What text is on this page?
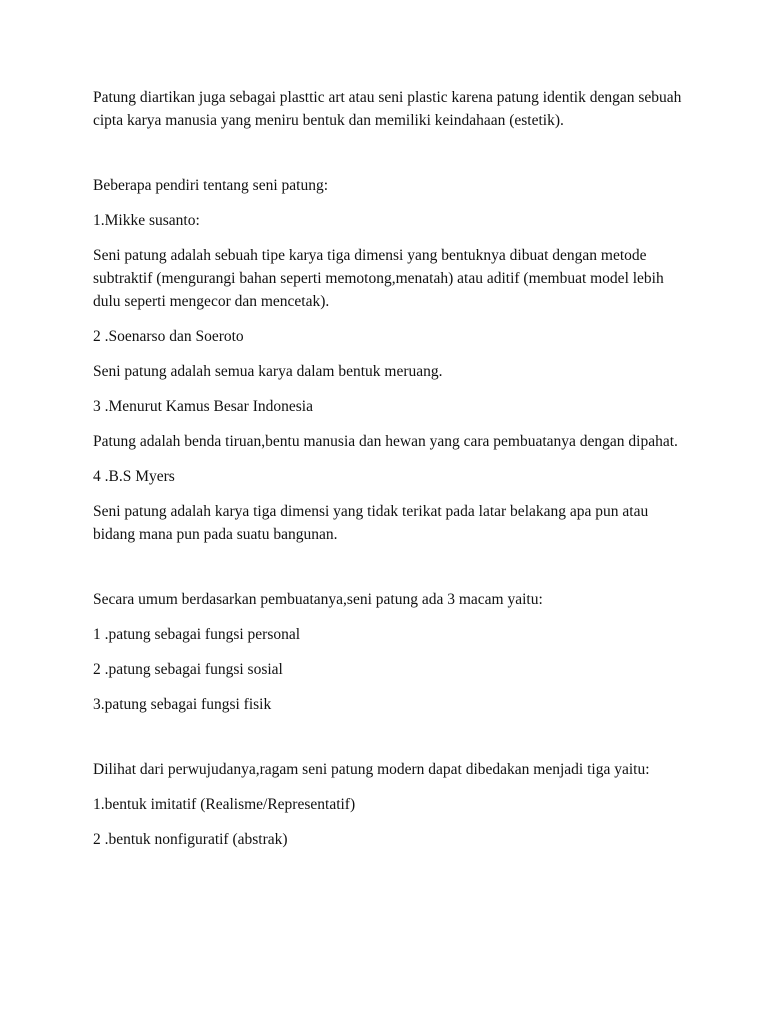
Patung diartikan juga sebagai plasttic art atau seni plastic karena patung identik dengan sebuah cipta karya manusia yang meniru bentuk dan memiliki keindahaan (estetik).

Beberapa pendiri tentang seni patung:

1.Mikke susanto:

Seni patung adalah sebuah tipe karya tiga dimensi yang bentuknya dibuat dengan metode subtraktif (mengurangi bahan seperti memotong,menatah) atau aditif (membuat model lebih dulu seperti mengecor dan mencetak).

2 .Soenarso dan Soeroto

Seni patung adalah semua karya dalam bentuk meruang.

3 .Menurut Kamus Besar Indonesia

Patung adalah benda tiruan,bentu manusia dan hewan yang cara pembuatanya dengan dipahat.

4 .B.S Myers

Seni patung adalah karya tiga dimensi yang tidak terikat pada latar belakang apa pun atau bidang mana pun pada suatu bangunan.

Secara umum berdasarkan pembuatanya,seni patung ada 3 macam yaitu:

1 .patung sebagai fungsi personal

2 .patung sebagai fungsi sosial

3.patung sebagai fungsi fisik

Dilihat dari perwujudanya,ragam seni patung modern dapat dibedakan menjadi tiga yaitu:

1.bentuk imitatif (Realisme/Representatif)

2 .bentuk nonfiguratif (abstrak)
